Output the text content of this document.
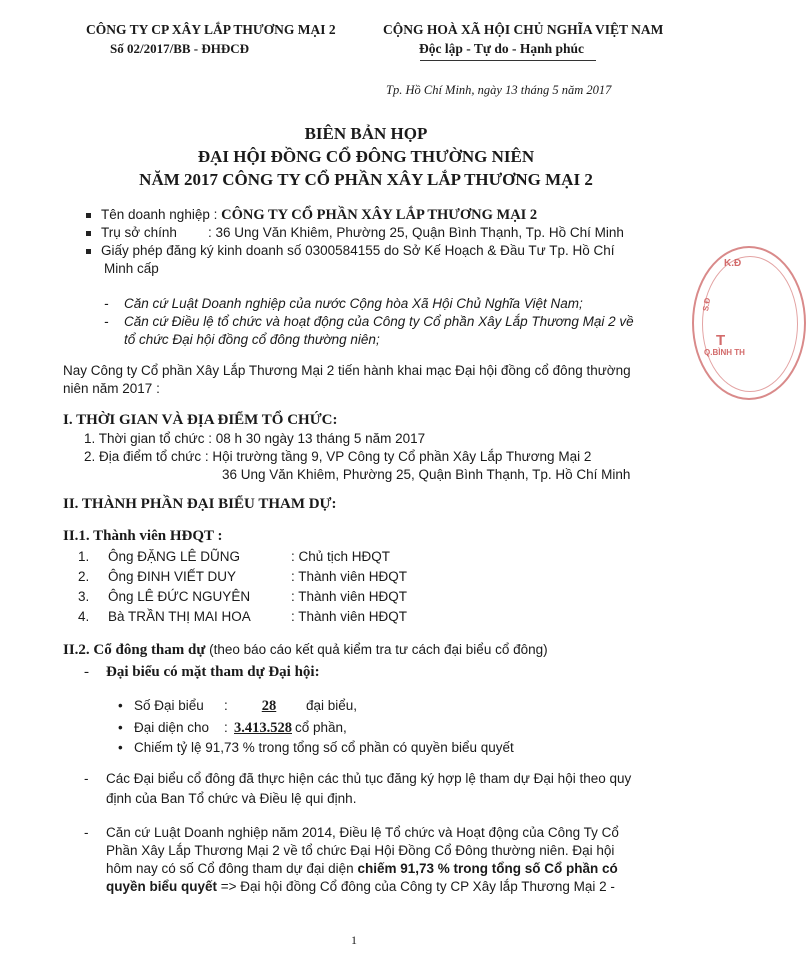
CÔNG TY CP XÂY LẮP THƯƠNG MẠI 2
Số 02/2017/BB - ĐHĐCĐ
CỘNG HOÀ XÃ HỘI CHỦ NGHĨA VIỆT NAM
Độc lập - Tự do - Hạnh phúc
Tp. Hồ Chí Minh, ngày 13 tháng 5 năm 2017
BIÊN BẢN HỌP
ĐẠI HỘI ĐỒNG CỔ ĐÔNG THƯỜNG NIÊN
NĂM 2017 CÔNG TY CỔ PHẦN XÂY LẮP THƯƠNG MẠI 2
Tên doanh nghiệp : CÔNG TY CỔ PHẦN XÂY LẮP THƯƠNG MẠI 2
Trụ sở chính : 36 Ung Văn Khiêm, Phường 25, Quận Bình Thạnh, Tp. Hồ Chí Minh
Giấy phép đăng ký kinh doanh số 0300584155 do Sở Kế Hoạch & Đầu Tư Tp. Hồ Chí
Minh cấp
- Căn cứ Luật Doanh nghiệp của nước Cộng hòa Xã Hội Chủ Nghĩa Việt Nam;
- Căn cứ Điều lệ tổ chức và hoạt động của Công ty Cổ phần Xây Lắp Thương Mại 2 về
tổ chức Đại hội đồng cổ đông thường niên;
Nay Công ty Cổ phần Xây Lắp Thương Mại 2 tiến hành khai mạc Đại hội đồng cổ đông thường
niên năm 2017 :
I. THỜI GIAN VÀ ĐỊA ĐIỂM TỔ CHỨC:
1. Thời gian tổ chức : 08 h 30 ngày 13 tháng 5 năm 2017
2. Địa điểm tổ chức : Hội trường tầng 9, VP Công ty Cổ phần Xây Lắp Thương Mại 2
36 Ung Văn Khiêm, Phường 25, Quận Bình Thạnh, Tp. Hồ Chí Minh
II. THÀNH PHẦN ĐẠI BIỂU THAM DỰ:
II.1. Thành viên HĐQT :
1. Ông ĐẶNG LÊ DŨNG	: Chủ tịch HĐQT
2. Ông ĐINH VIẾT DUY	: Thành viên HĐQT
3. Ông LÊ ĐỨC NGUYÊN	: Thành viên HĐQT
4. Bà TRẦN THỊ MAI HOA	: Thành viên HĐQT
II.2. Cổ đông tham dự (theo báo cáo kết quả kiểm tra tư cách đại biểu cổ đông)
- Đại biểu có mặt tham dự Đại hội:
• Số Đại biểu : 28 đại biểu,
• Đại diện cho : 3.413.528 cổ phần,
• Chiếm tỷ lệ 91,73 % trong tổng số cổ phần có quyền biểu quyết
- Các Đại biểu cổ đông đã thực hiện các thủ tục đăng ký hợp lệ tham dự Đại hội theo quy
định của Ban Tổ chức và Điều lệ qui định.
- Căn cứ Luật Doanh nghiệp năm 2014, Điều lệ Tổ chức và Hoạt động của Công Ty Cổ
Phần Xây Lắp Thương Mại 2 về tổ chức Đại Hội Đồng Cổ Đông thường niên. Đại hội
hôm nay có số Cổ đông tham dự đại diện chiếm 91,73 % trong tổng số Cổ phần có
quyền biểu quyết => Đại hội đồng Cổ đông của Công ty CP Xây lắp Thương Mại 2 -
1
K.Đ
S.Đ
Q.BÌNH TH
T
